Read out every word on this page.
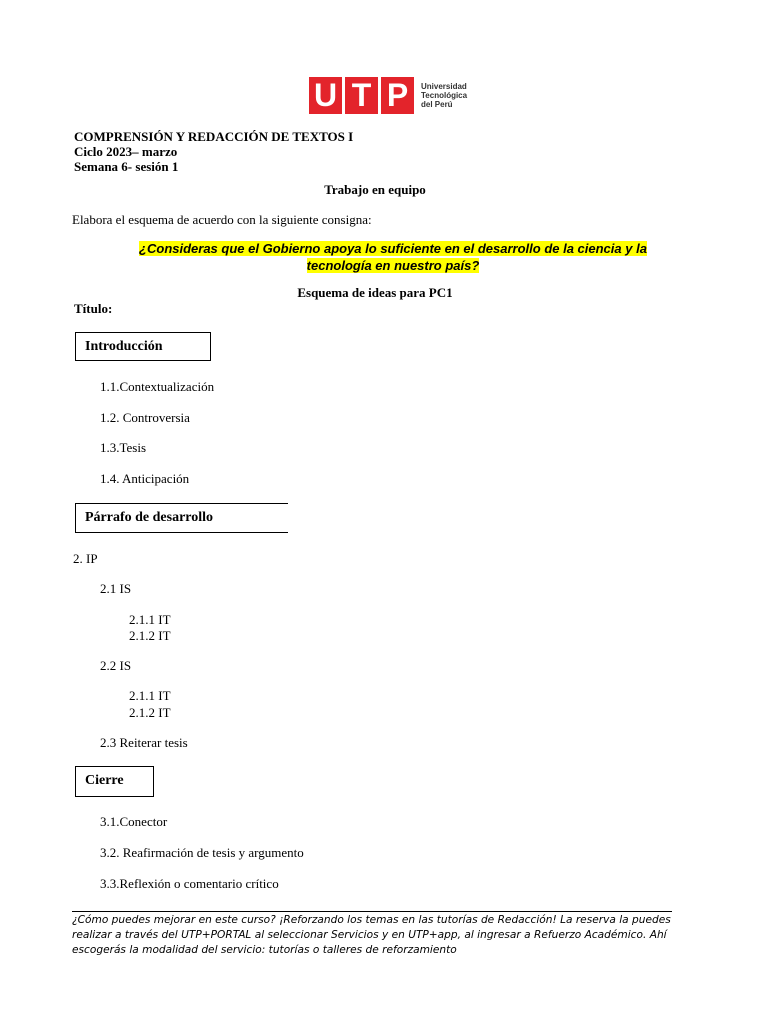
U T P	Universidad
Tecnológica
del Perú
COMPRENSIÓN Y REDACCIÓN DE TEXTOS I
Ciclo 2023– marzo
Semana 6- sesión 1
Trabajo en equipo
Elabora el esquema de acuerdo con la siguiente consigna:
¿Consideras que el Gobierno apoya lo suficiente en el desarrollo de la ciencia y la
tecnología en nuestro país?
Esquema de ideas para PC1
Título:
Introducción
1.1.Contextualización
1.2. Controversia
1.3.Tesis
1.4. Anticipación
Párrafo de desarrollo
2. IP
2.1 IS
2.1.1 IT
2.1.2 IT
2.2 IS
2.1.1 IT
2.1.2 IT
2.3 Reiterar tesis
Cierre
3.1.Conector
3.2. Reafirmación de tesis y argumento
3.3.Reflexión o comentario crítico
¿Cómo puedes mejorar en este curso? ¡Reforzando los temas en las tutorías de Redacción! La reserva la puedes realizar a través del UTP+PORTAL al seleccionar Servicios y en UTP+app, al ingresar a Refuerzo Académico. Ahí escogerás la modalidad del servicio: tutorías o talleres de reforzamiento
